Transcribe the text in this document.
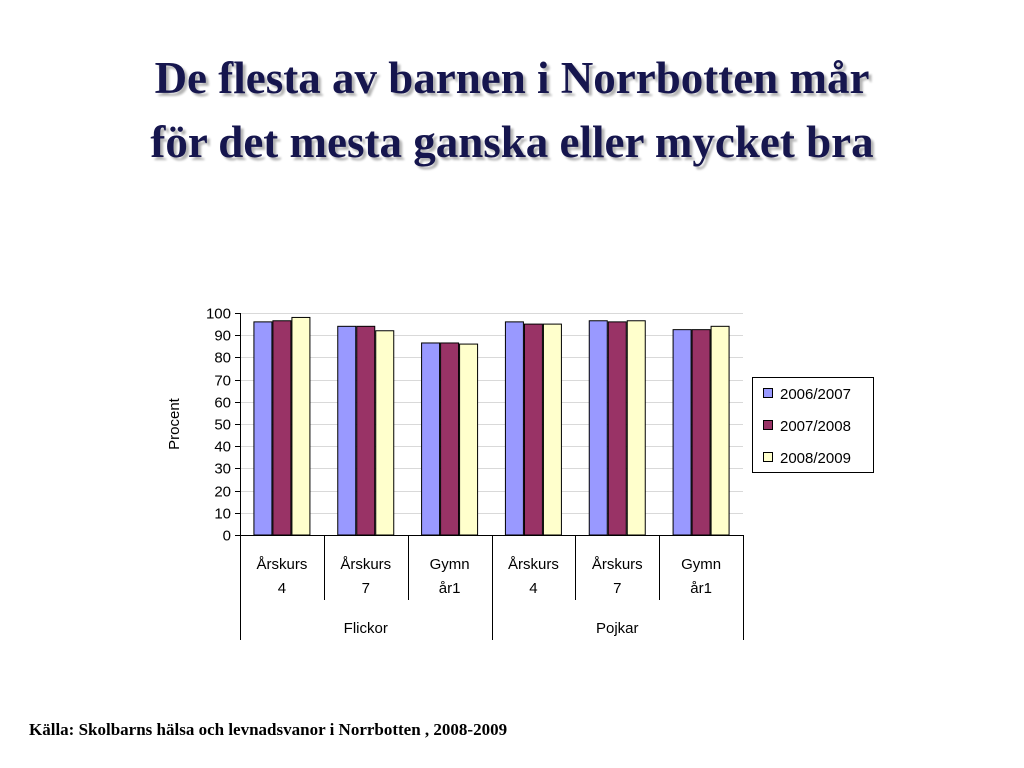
De flesta av barnen i Norrbotten mår
för det mesta ganska eller mycket bra
0
10
20
30
40
50
60
70
80
90
100
Procent
Årskurs
4
Årskurs
7
Gymn
år1
Årskurs
4
Årskurs
7
Gymn
år1
Flickor	Pojkar
2006/2007
2007/2008
2008/2009
Källa: Skolbarns hälsa och levnadsvanor i Norrbotten , 2008-2009
